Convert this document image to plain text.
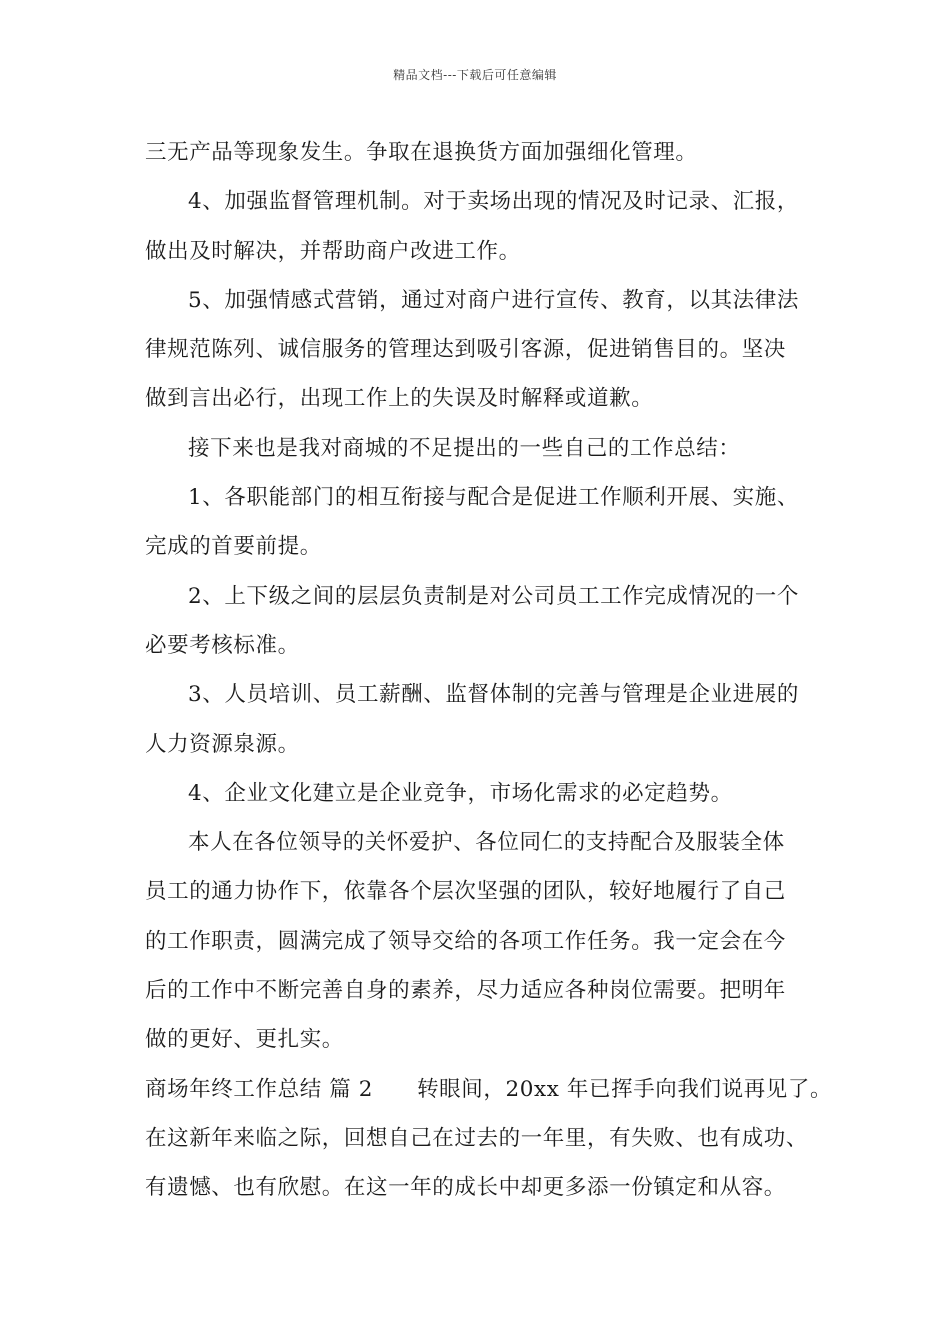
精品文档---下载后可任意编辑
三无产品等现象发生。争取在退换货方面加强细化管理。
4、加强监督管理机制。对于卖场出现的情况及时记录、汇报，
做出及时解决，并帮助商户改进工作。
5、加强情感式营销，通过对商户进行宣传、教育，以其法律法
律规范陈列、诚信服务的管理达到吸引客源，促进销售目的。坚决
做到言出必行，出现工作上的失误及时解释或道歉。
接下来也是我对商城的不足提出的一些自己的工作总结：
1、各职能部门的相互衔接与配合是促进工作顺利开展、实施、
完成的首要前提。
2、上下级之间的层层负责制是对公司员工工作完成情况的一个
必要考核标准。
3、人员培训、员工薪酬、监督体制的完善与管理是企业进展的
人力资源泉源。
4、企业文化建立是企业竞争，市场化需求的必定趋势。
本人在各位领导的关怀爱护、各位同仁的支持配合及服装全体
员工的通力协作下，依靠各个层次坚强的团队，较好地履行了自己
的工作职责，圆满完成了领导交给的各项工作任务。我一定会在今
后的工作中不断完善自身的素养，尽力适应各种岗位需要。把明年
做的更好、更扎实。
商场年终工作总结 篇 2 转眼间，20xx 年已挥手向我们说再见了。
在这新年来临之际，回想自己在过去的一年里，有失败、也有成功、
有遗憾、也有欣慰。在这一年的成长中却更多添一份镇定和从容。
